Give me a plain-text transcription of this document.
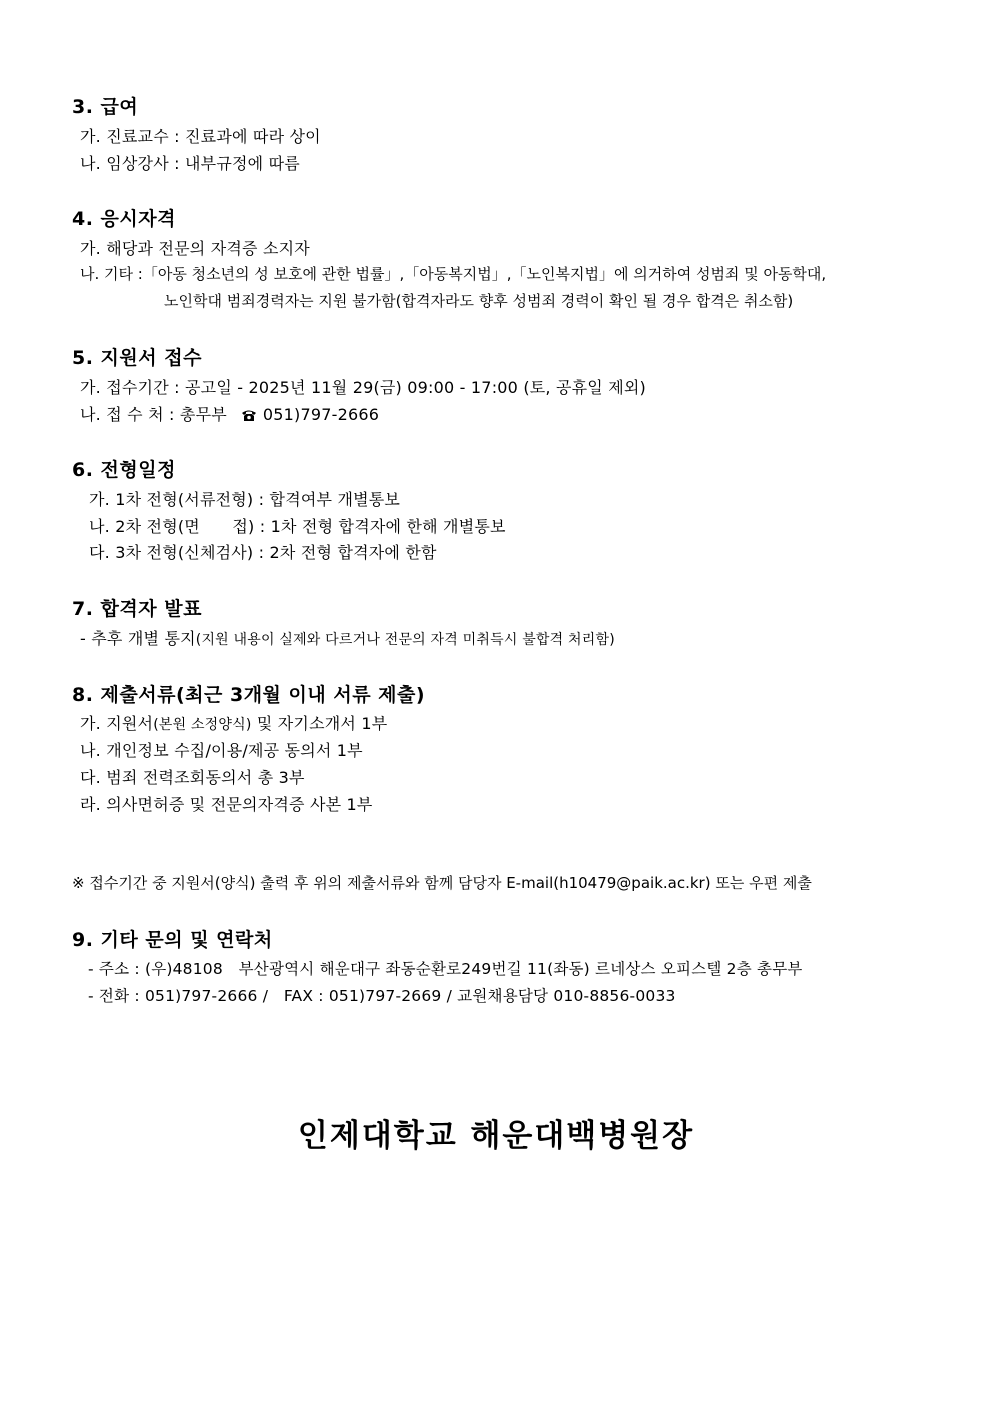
3. 급여

가. 진료교수 : 진료과에 따라 상이

나. 임상강사 : 내부규정에 따름

4. 응시자격

가. 해당과 전문의 자격증 소지자

나. 기타 :「아동 청소년의 성 보호에 관한 법률」,「아동복지법」,「노인복지법」에 의거하여 성범죄 및 아동학대,

노인학대 범죄경력자는 지원 불가함(합격자라도 향후 성범죄 경력이 확인 될 경우 합격은 취소함)

5. 지원서 접수

가. 접수기간 : 공고일 - 2025년 11월 29(금) 09:00 - 17:00 (토, 공휴일 제외)

나. 접 수 처 : 총무부 051)797-2666

6. 전형일정

가. 1차 전형(서류전형) : 합격여부 개별통보

나. 2차 전형(면　　접) : 1차 전형 합격자에 한해 개별통보

다. 3차 전형(신체검사) : 2차 전형 합격자에 한함

7. 합격자 발표

- 추후 개별 통지(지원 내용이 실제와 다르거나 전문의 자격 미취득시 불합격 처리함)

8. 제출서류(최근 3개월 이내 서류 제출)

가. 지원서(본원 소정양식) 및 자기소개서 1부

나. 개인정보 수집/이용/제공 동의서 1부

다. 범죄 전력조회동의서 총 3부

라. 의사면허증 및 전문의자격증 사본 1부

※ 접수기간 중 지원서(양식) 출력 후 위의 제출서류와 함께 담당자 E-mail(h10479@paik.ac.kr) 또는 우편 제출

9. 기타 문의 및 연락처

- 주소 : (우)48108　부산광역시 해운대구 좌동순환로249번길 11(좌동) 르네상스 오피스텔 2층 총무부

- 전화 : 051)797-2666 /　FAX : 051)797-2669 / 교원채용담당 010-8856-0033

인제대학교 해운대백병원장
